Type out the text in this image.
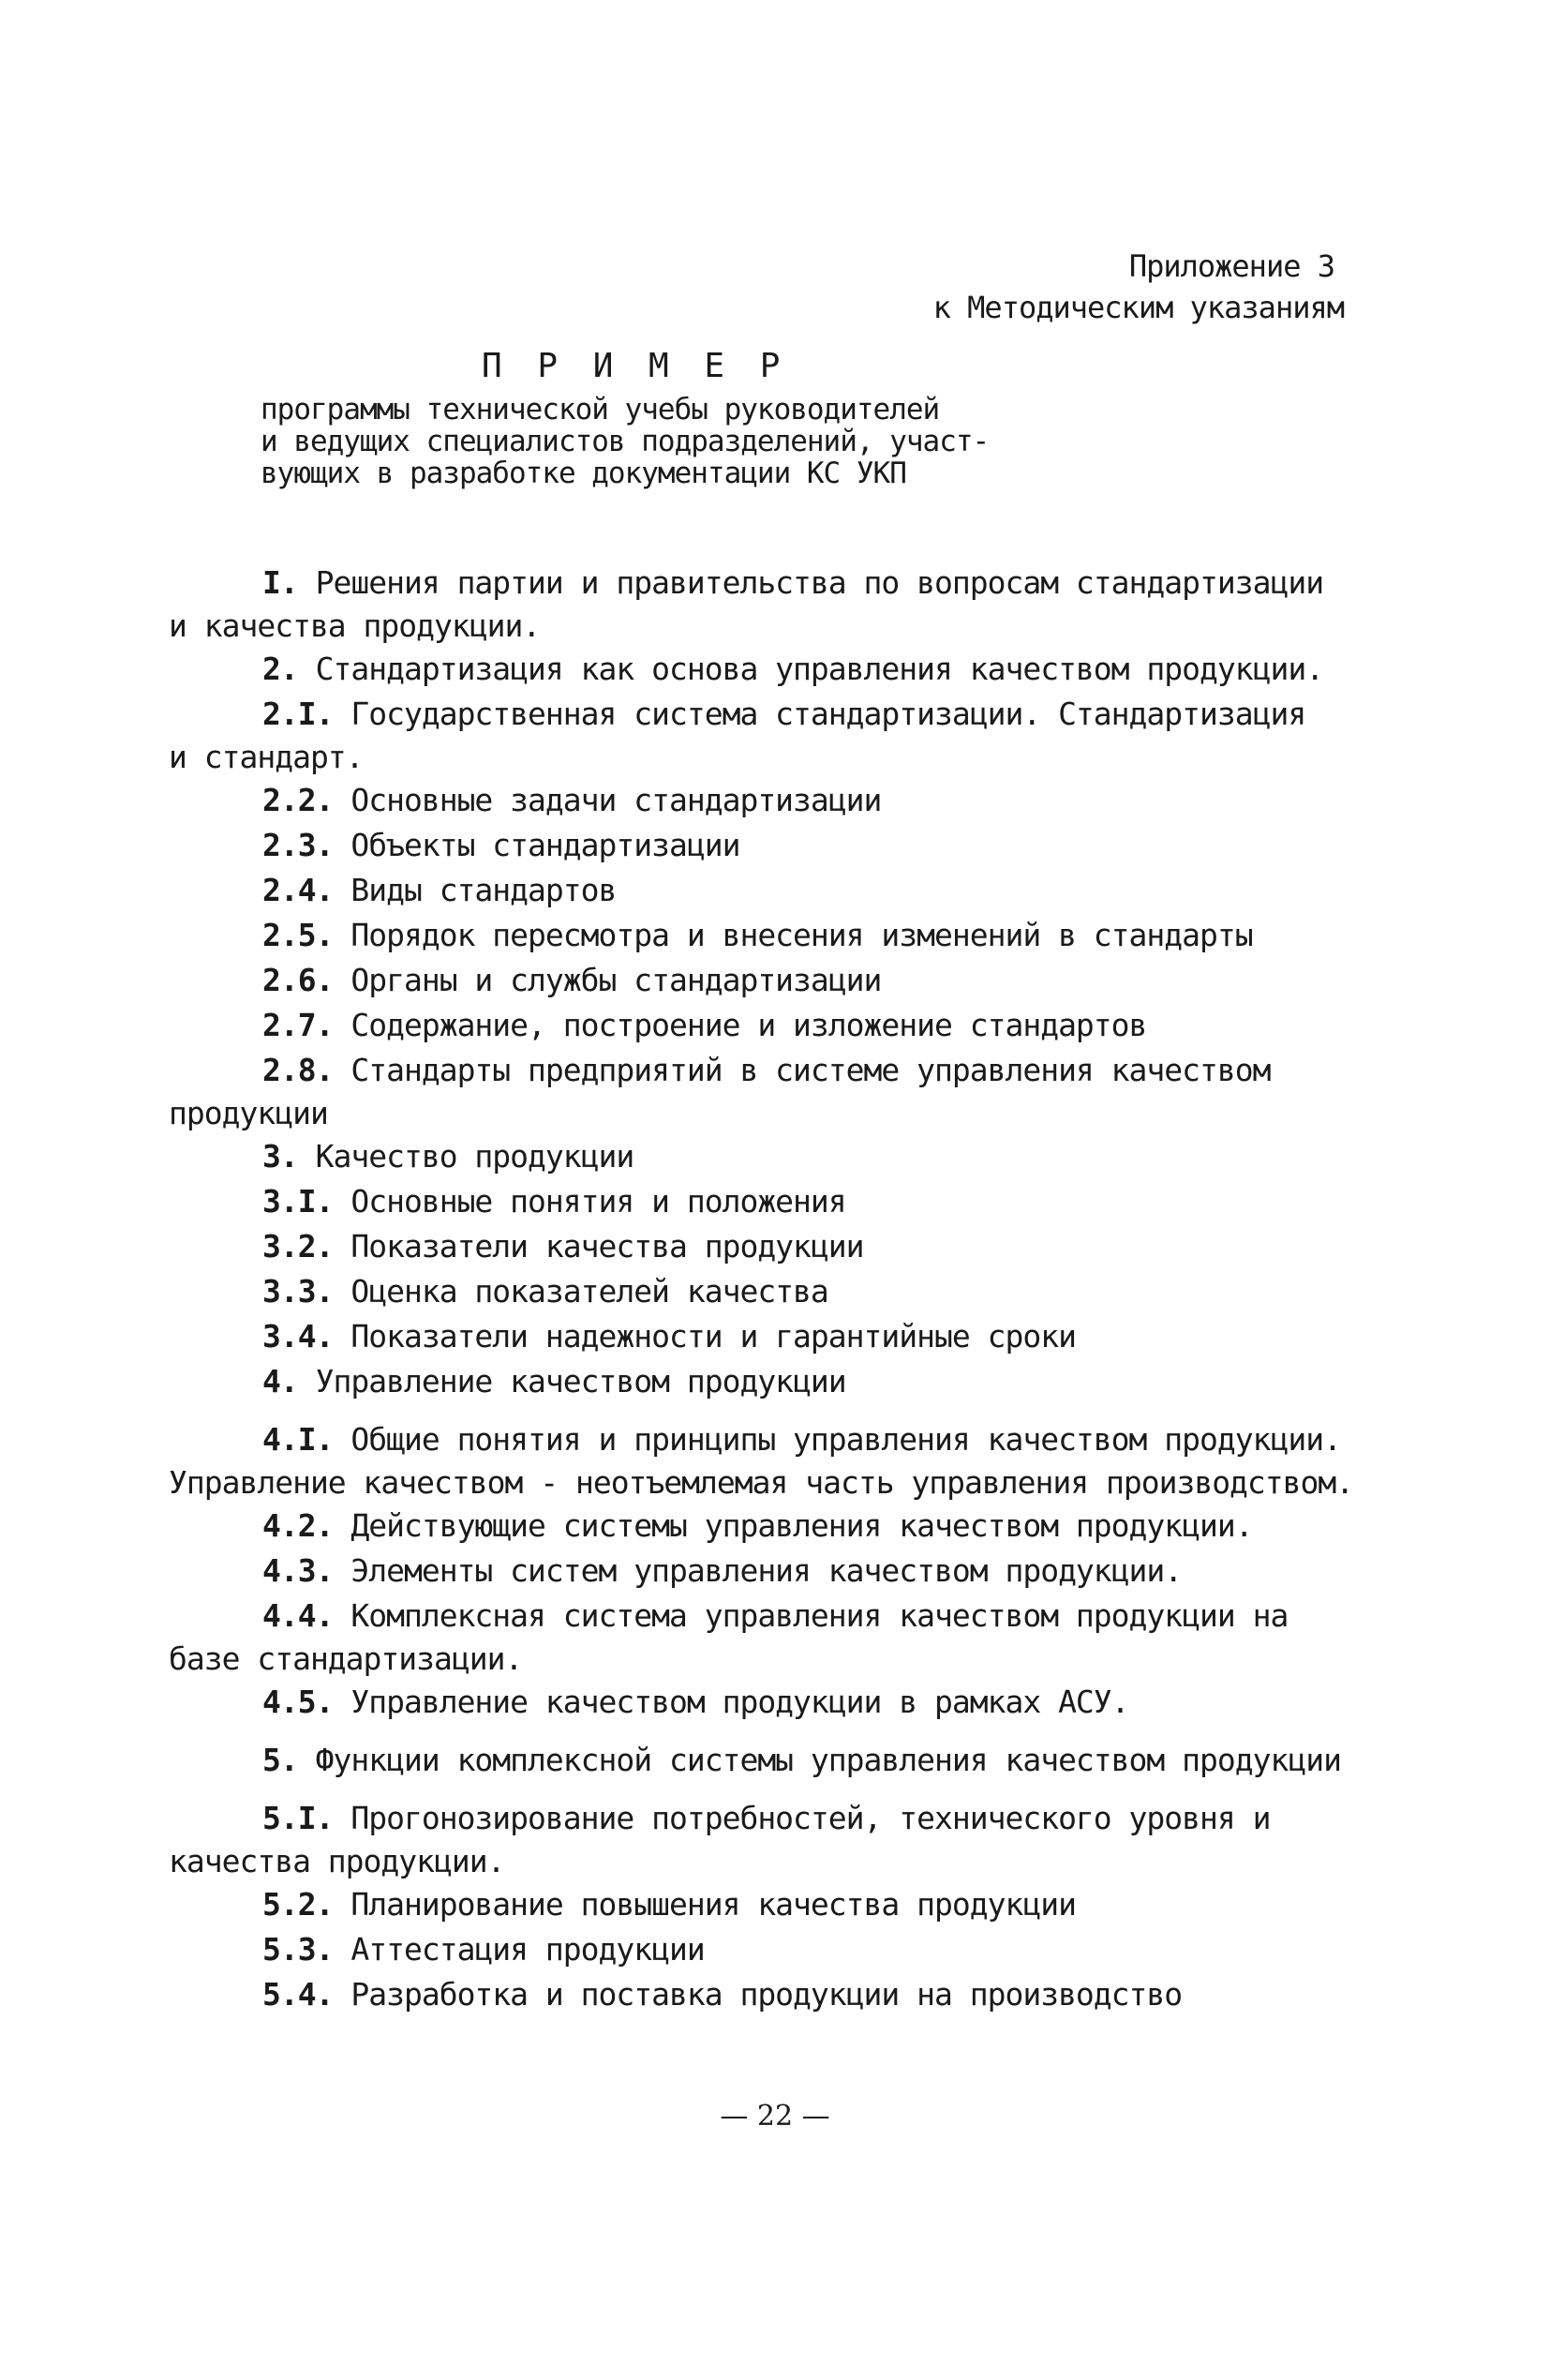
Приложение 3
к Методическим указаниям
П Р И М Е Р
программы технической учебы руководителей
и ведущих специалистов подразделений, участ-
вующих в разработке документации КС УКП
I. Решения партии и правительства по вопросам стандартизации
и качества продукции.
2. Стандартизация как основа управления качеством продукции.
2.I. Государственная система стандартизации. Стандартизация
и стандарт.
2.2. Основные задачи стандартизации
2.3. Объекты стандартизации
2.4. Виды стандартов
2.5. Порядок пересмотра и внесения изменений в стандарты
2.6. Органы и службы стандартизации
2.7. Содержание, построение и изложение стандартов
2.8. Стандарты предприятий в системе управления качеством
продукции
3. Качество продукции
3.I. Основные понятия и положения
3.2. Показатели качества продукции
3.3. Оценка показателей качества
3.4. Показатели надежности и гарантийные сроки
4. Управление качеством продукции
4.I. Общие понятия и принципы управления качеством продукции.
Управление качеством - неотъемлемая часть управления производством.
4.2. Действующие системы управления качеством продукции.
4.3. Элементы систем управления качеством продукции.
4.4. Комплексная система управления качеством продукции на
базе стандартизации.
4.5. Управление качеством продукции в рамках АСУ.
5. Функции комплексной системы управления качеством продукции
5.I. Прогонозирование потребностей, технического уровня и
качества продукции.
5.2. Планирование повышения качества продукции
5.3. Аттестация продукции
5.4. Разработка и поставка продукции на производство
— 22 —
